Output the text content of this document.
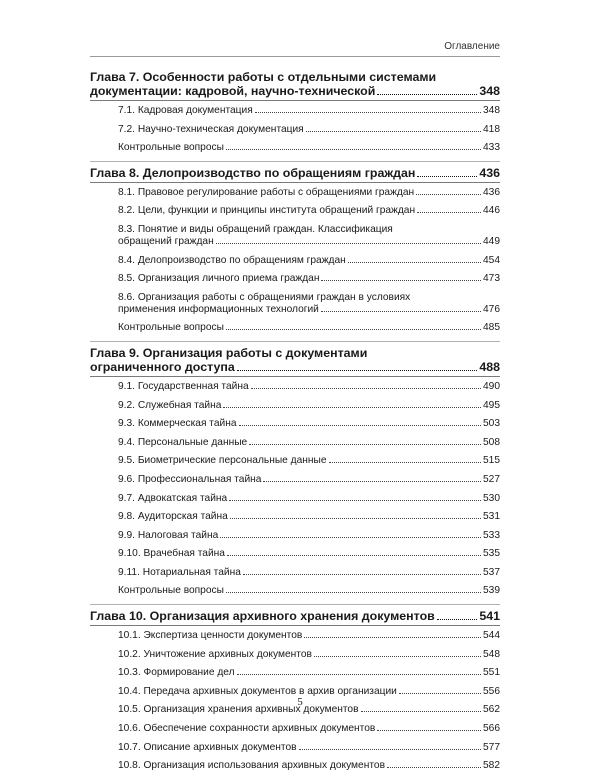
Оглавление
Глава 7. Особенности работы с отдельными системами
документации: кадровой, научно-технической	348
7.1. Кадровая документация	348
7.2. Научно-техническая документация	418
Контрольные вопросы	433
Глава 8. Делопроизводство по обращениям граждан	436
8.1. Правовое регулирование работы с обращениями граждан	436
8.2. Цели, функции и принципы института обращений граждан	446
8.3. Понятие и виды обращений граждан. Классификация
обращений граждан	449
8.4. Делопроизводство по обращениям граждан	454
8.5. Организация личного приема граждан	473
8.6. Организация работы с обращениями граждан в условиях
применения информационных технологий	476
Контрольные вопросы	485
Глава 9. Организация работы с документами
ограниченного доступа	488
9.1. Государственная тайна	490
9.2. Служебная тайна	495
9.3. Коммерческая тайна	503
9.4. Персональные данные	508
9.5. Биометрические персональные данные	515
9.6. Профессиональная тайна	527
9.7. Адвокатская тайна	530
9.8. Аудиторская тайна	531
9.9. Налоговая тайна	533
9.10. Врачебная тайна	535
9.11. Нотариальная тайна	537
Контрольные вопросы	539
Глава 10. Организация архивного хранения документов	541
10.1. Экспертиза ценности документов	544
10.2. Уничтожение архивных документов	548
10.3. Формирование дел	551
10.4. Передача архивных документов в архив организации	556
10.5. Организация хранения архивных документов	562
10.6. Обеспечение сохранности архивных документов	566
10.7. Описание архивных документов	577
10.8. Организация использования архивных документов	582
5
